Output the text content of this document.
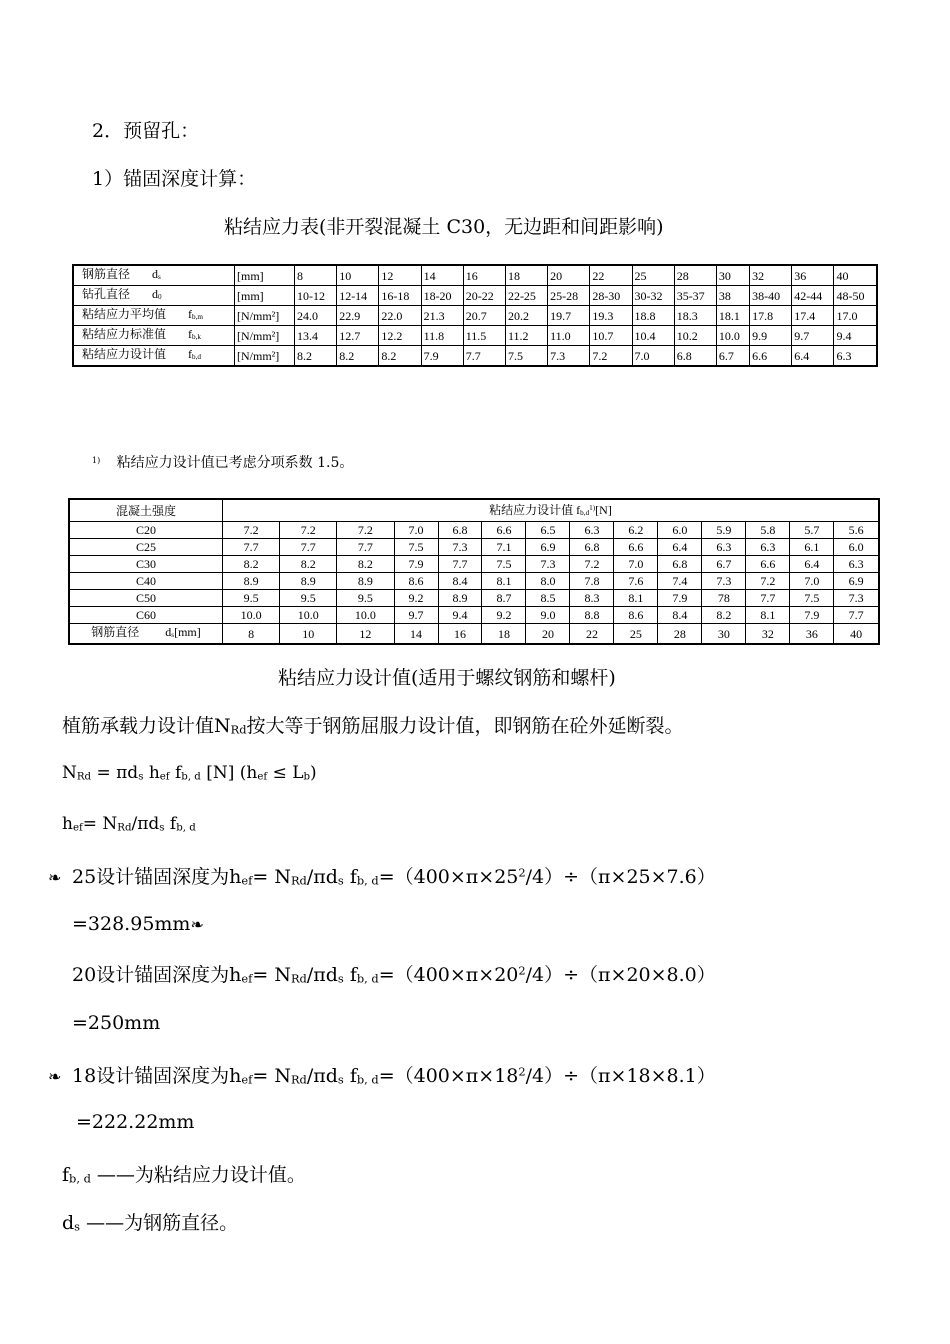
2．预留孔：
1）锚固深度计算：
粘结应力表(非开裂混凝土 C30，无边距和间距影响)
钢筋直径 $d_s$	[mm]	8	10	12	14	16	18	20	22	25	28	30	32	36	40
钻孔直径 $d_0$	[mm]	10-12	12-14	16-18	18-20	20-22	22-25	25-28	28-30	30-32	35-37	38	38-40	42-44	48-50
粘结应力平均值 $f_{b,m}$	[N/mm²]	24.0	22.9	22.0	21.3	20.7	20.2	19.7	19.3	18.8	18.3	18.1	17.8	17.4	17.0
粘结应力标准值 $f_{b,k}$	[N/mm²]	13.4	12.7	12.2	11.8	11.5	11.2	11.0	10.7	10.4	10.2	10.0	9.9	9.7	9.4
粘结应力设计值 $f_{b,d}$	[N/mm²]	8.2	8.2	8.2	7.9	7.7	7.5	7.3	7.2	7.0	6.8	6.7	6.6	6.4	6.3
$^{1)}$ 粘结应力设计值已考虑分项系数 1.5。
混凝土强度	粘结应力设计值 $f_{b,d}^{1)}[N]$													
C20	7.2	7.2	7.2	7.0	6.8	6.6	6.5	6.3	6.2	6.0	5.9	5.8	5.7	5.6
C25	7.7	7.7	7.7	7.5	7.3	7.1	6.9	6.8	6.6	6.4	6.3	6.3	6.1	6.0
C30	8.2	8.2	8.2	7.9	7.7	7.5	7.3	7.2	7.0	6.8	6.7	6.6	6.4	6.3
C40	8.9	8.9	8.9	8.6	8.4	8.1	8.0	7.8	7.6	7.4	7.3	7.2	7.0	6.9
C50	9.5	9.5	9.5	9.2	8.9	8.7	8.5	8.3	8.1	7.9	78	7.7	7.5	7.3
C60	10.0	10.0	10.0	9.7	9.4	9.2	9.0	8.8	8.6	8.4	8.2	8.1	7.9	7.7
钢筋直径 $d_s[mm]$	8	10	12	14	16	18	20	22	25	28	30	32	36	40
粘结应力设计值(适用于螺纹钢筋和螺杆)
植筋承载力设计值$N_{Rd}$按大等于钢筋屈服力设计值，即钢筋在砼外延断裂。
$N_{Rd} = \pi d_s$ $h_{ef}$ $f_{b, d}$ [N] $(h_{ef} \le L_b)$
$h_{ef}= N_{Rd}/\pi d_s$ $f_{b, d}$
❧ 25设计锚固深度为$h_{ef}= N_{Rd}/\pi d_s$ $f_{b, d}=(400\times\pi\times 25^2/4)\div(\pi\times 25\times 7.6)$
=328.95mm❧
20设计锚固深度为$h_{ef}= N_{Rd}/\pi d_s$ $f_{b, d}=(400\times\pi\times 20^2/4)\div(\pi\times 20\times 8.0)$
=250mm
❧ 18设计锚固深度为$h_{ef}= N_{Rd}/\pi d_s$ $f_{b, d}=(400\times\pi\times 18^2/4)\div(\pi\times 18\times 8.1)$
=222.22mm
$f_{b, d}$ ——为粘结应力设计值。
$d_s$ ——为钢筋直径。
